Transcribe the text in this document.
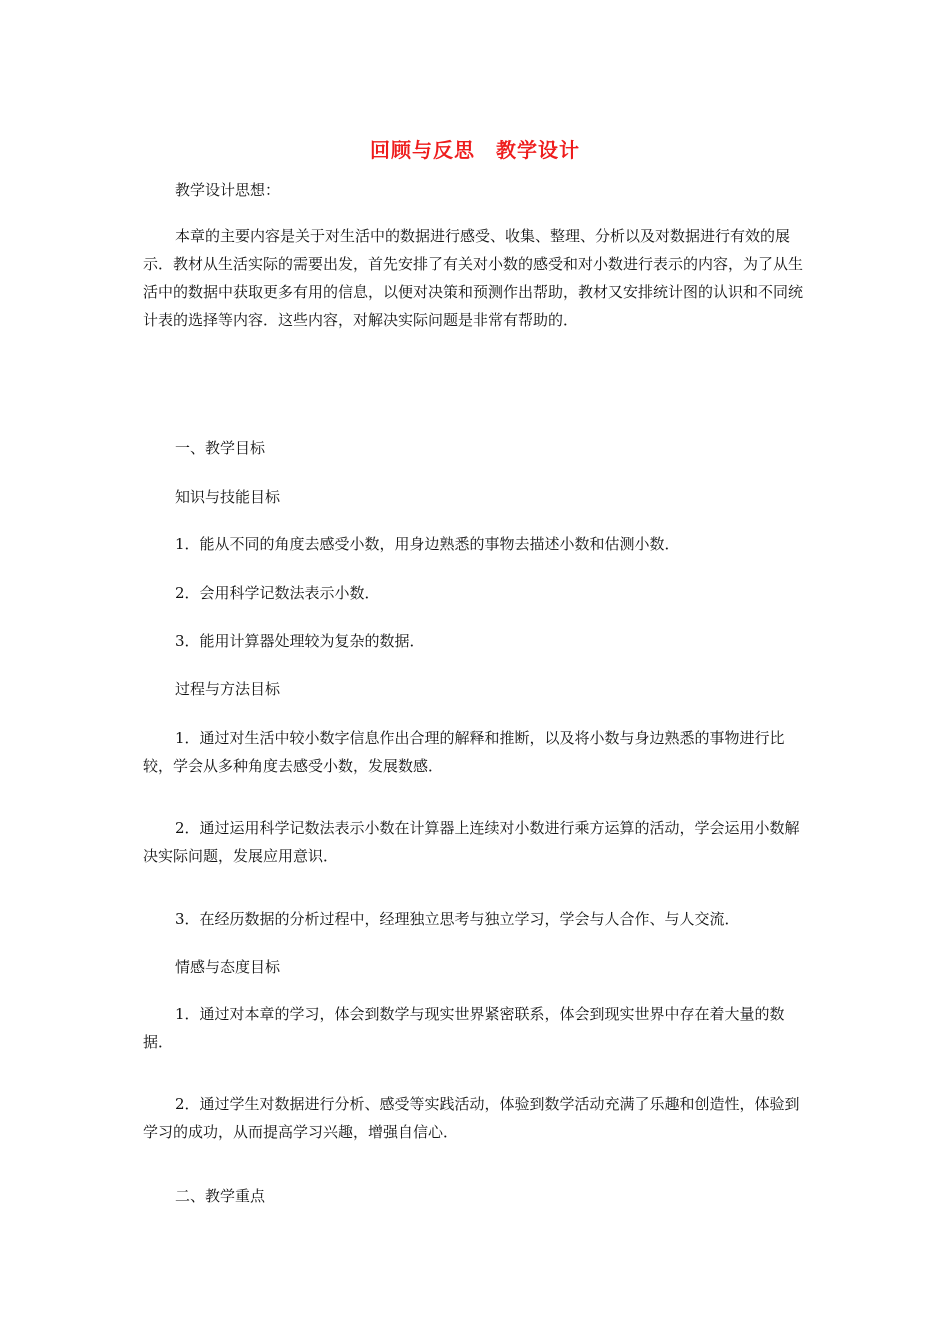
回顾与反思　教学设计

教学设计思想：

本章的主要内容是关于对生活中的数据进行感受、收集、整理、分析以及对数据进行有效的展示．教材从生活实际的需要出发，首先安排了有关对小数的感受和对小数进行表示的内容，为了从生活中的数据中获取更多有用的信息，以便对决策和预测作出帮助，教材又安排统计图的认识和不同统计表的选择等内容．这些内容，对解决实际问题是非常有帮助的．

一、教学目标

知识与技能目标

1．能从不同的角度去感受小数，用身边熟悉的事物去描述小数和估测小数．

2．会用科学记数法表示小数．

3．能用计算器处理较为复杂的数据．

过程与方法目标

1．通过对生活中较小数字信息作出合理的解释和推断，以及将小数与身边熟悉的事物进行比较，学会从多种角度去感受小数，发展数感．

2．通过运用科学记数法表示小数在计算器上连续对小数进行乘方运算的活动，学会运用小数解决实际问题，发展应用意识．

3．在经历数据的分析过程中，经理独立思考与独立学习，学会与人合作、与人交流．

情感与态度目标

1．通过对本章的学习，体会到数学与现实世界紧密联系，体会到现实世界中存在着大量的数据．

2．通过学生对数据进行分析、感受等实践活动，体验到数学活动充满了乐趣和创造性，体验到学习的成功，从而提高学习兴趣，增强自信心．

二、教学重点
